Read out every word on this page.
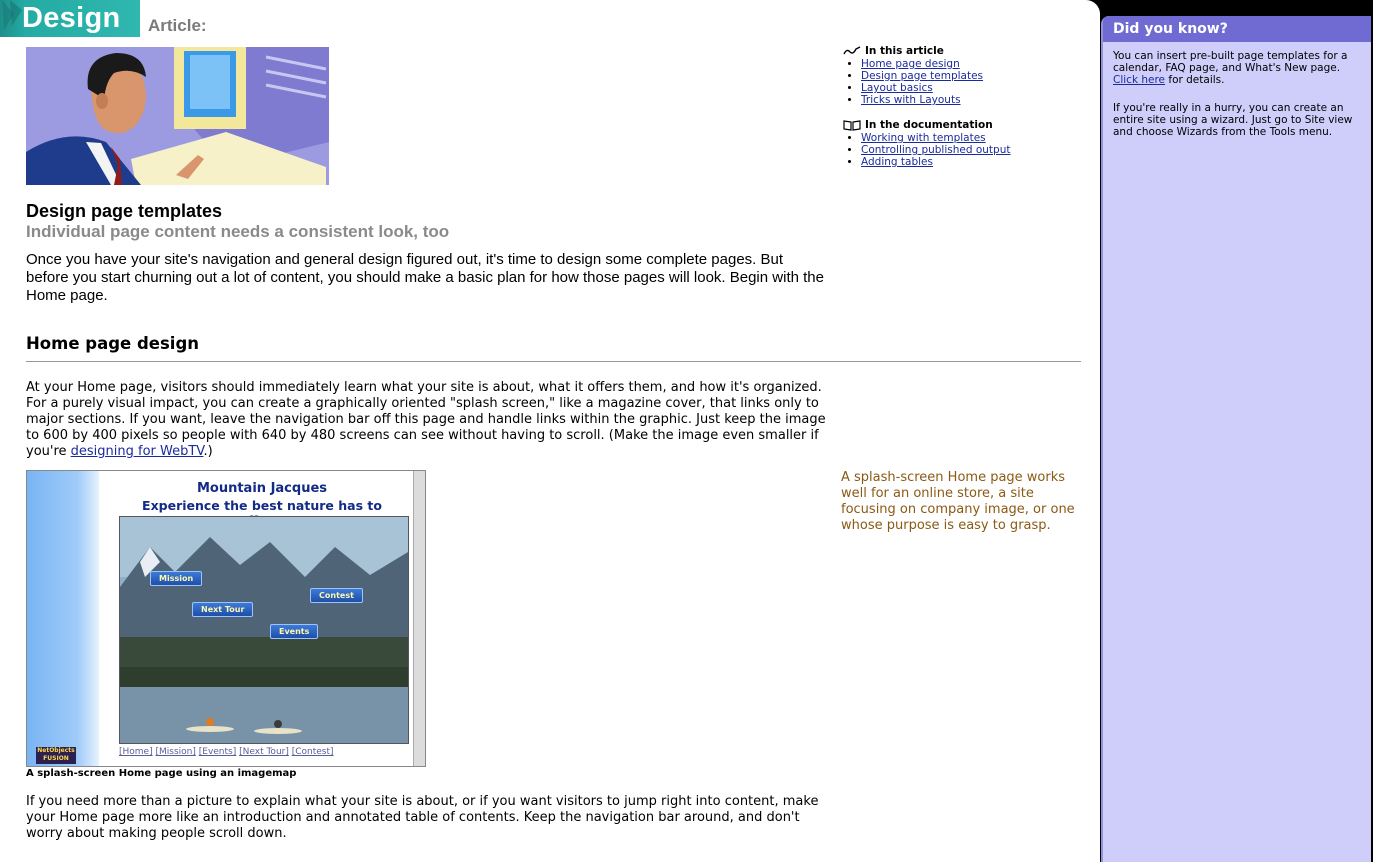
Design Article:
In this article
• Home page design
• Design page templates
• Layout basics
• Tricks with Layouts
In the documentation
• Working with templates
• Controlling published output
• Adding tables
Design page templates
Individual page content needs a consistent look, too

Once you have your site's navigation and general design figured out, it's time to design some complete pages. But before you start churning out a lot of content, you should make a basic plan for how those pages will look. Begin with the Home page.

Home page design

At your Home page, visitors should immediately learn what your site is about, what it offers them, and how it's organized. For a purely visual impact, you can create a graphically oriented "splash screen," like a magazine cover, that links only to major sections. If you want, leave the navigation bar off this page and handle links within the graphic. Just keep the image to 600 by 400 pixels so people with 640 by 480 screens can see without having to scroll. (Make the image even smaller if you're designing for WebTV.)

A splash-screen Home page works well for an online store, a site focusing on company image, or one whose purpose is easy to grasp.
Mountain Jacques
Experience the best nature has to
Mission
Next Tour
Contest
Events
NetObjects
FUSION
[Home] [Mission] [Events] [Next Tour] [Contest]
A splash-screen Home page using an imagemap

If you need more than a picture to explain what your site is about, or if you want visitors to jump right into content, make your Home page more like an introduction and annotated table of contents. Keep the navigation bar around, and don't worry about making people scroll down.

Did you know?

You can insert pre-built page templates for a calendar, FAQ page, and What's New page. Click here for details.

If you're really in a hurry, you can create an entire site using a wizard. Just go to Site view and choose Wizards from the Tools menu.
